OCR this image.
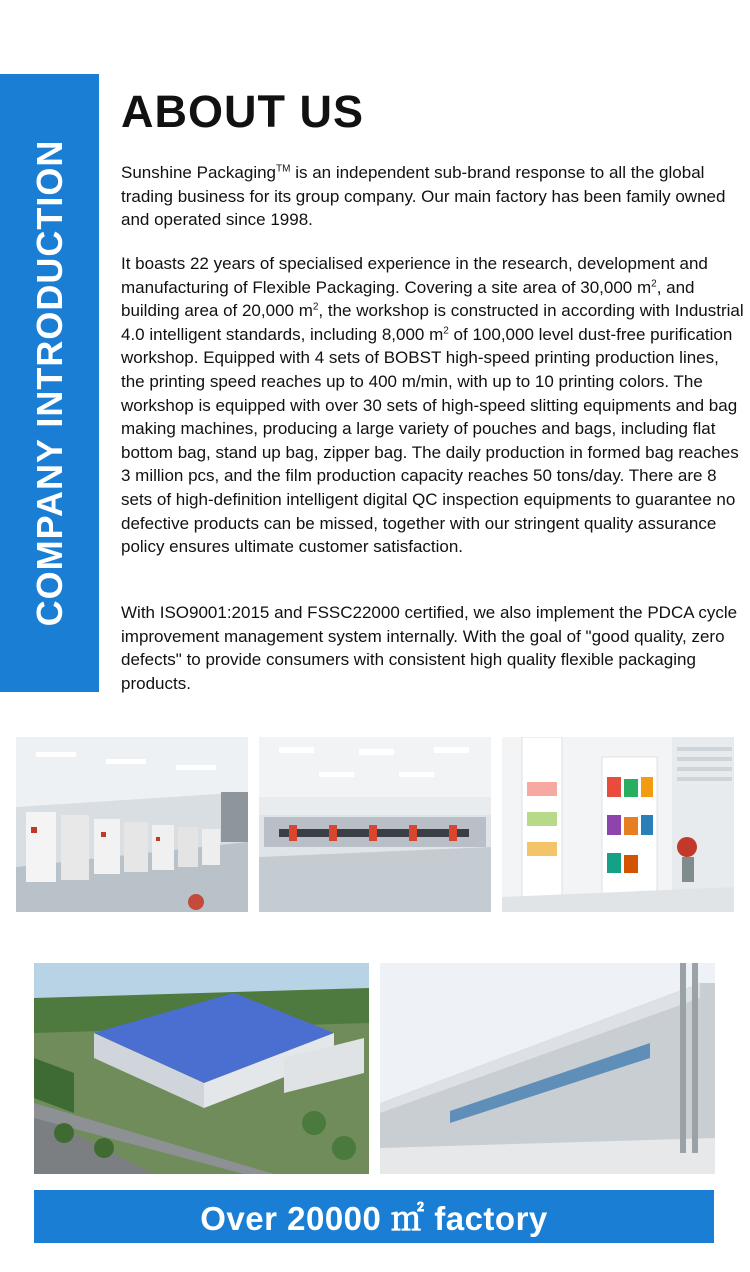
COMPANY INTRODUCTION
ABOUT US

Sunshine Packaging™ is an independent sub-brand response to all the global trading business for its group company. Our main factory has been family owned and operated since 1998.

It boasts 22 years of specialised experience in the research, development and manufacturing of Flexible Packaging. Covering a site area of 30,000 $m^2$, and building area of 20,000 $m^2$, the workshop is constructed in according with Industrial 4.0 intelligent standards, including 8,000 $m^2$ of 100,000 level dust-free purification workshop. Equipped with 4 sets of BOBST high-speed printing production lines, the printing speed reaches up to 400 m/min, with up to 10 printing colors. The workshop is equipped with over 30 sets of high-speed slitting equipments and bag making machines, producing a large variety of pouches and bags, including flat bottom bag, stand up bag, zipper bag. The daily production in formed bag reaches 3 million pcs, and the film production capacity reaches 50 tons/day. There are 8 sets of high-definition intelligent digital QC inspection equipments to guarantee no defective products can be missed, together with our stringent quality assurance policy ensures ultimate customer satisfaction.

With ISO9001:2015 and FSSC22000 certified, we also implement the PDCA cycle improvement management system internally. With the goal of "good quality, zero defects" to provide consumers with consistent high quality flexible packaging products.

Over 20000 ㎡ factory
